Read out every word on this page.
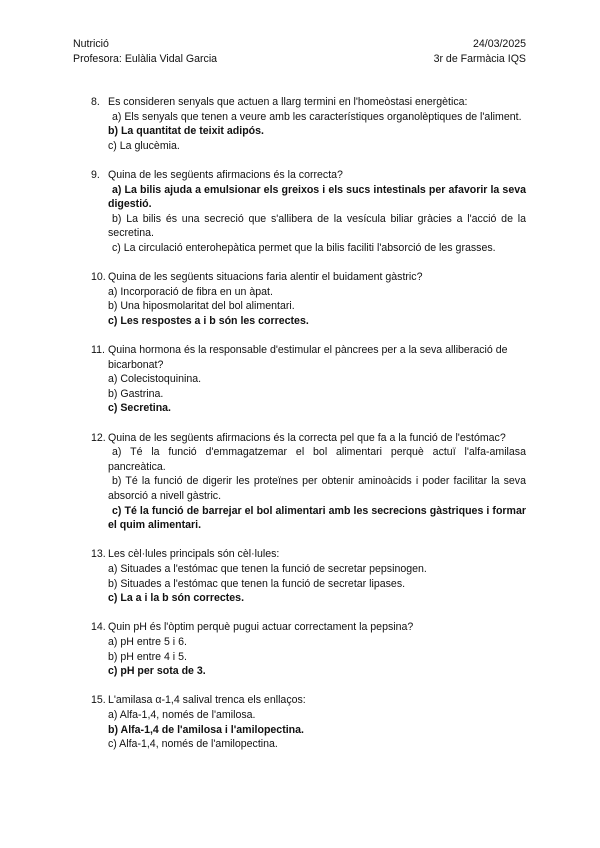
Nutrició	24/03/2025
Profesora: Eulàlia Vidal Garcia	3r de Farmàcia IQS
8. Es consideren senyals que actuen a llarg termini en l'homeòstasi energètica:
a) Els senyals que tenen a veure amb les característiques organolèptiques de l'aliment.
b) La quantitat de teixit adipós.
c) La glucèmia.
9. Quina de les següents afirmacions és la correcta?
a) La bilis ajuda a emulsionar els greixos i els sucs intestinals per afavorir la seva digestió.
b) La bilis és una secreció que s'allibera de la vesícula biliar gràcies a l'acció de la secretina.
c) La circulació enterohepàtica permet que la bilis faciliti l'absorció de les grasses.
10. Quina de les següents situacions faria alentir el buidament gàstric?
a) Incorporació de fibra en un àpat.
b) Una hiposmolaritat del bol alimentari.
c) Les respostes a i b són les correctes.
11. Quina hormona és la responsable d'estimular el pàncrees per a la seva alliberació de bicarbonat?
a) Colecistoquinina.
b) Gastrina.
c) Secretina.
12. Quina de les següents afirmacions és la correcta pel que fa a la funció de l'estómac?
a) Té la funció d'emmagatzemar el bol alimentari perquè actuï l'alfa-amilasa pancreàtica.
b) Té la funció de digerir les proteïnes per obtenir aminoàcids i poder facilitar la seva absorció a nivell gàstric.
c) Té la funció de barrejar el bol alimentari amb les secrecions gàstriques i formar el quim alimentari.
13. Les cèl·lules principals són cèl·lules:
a) Situades a l'estómac que tenen la funció de secretar pepsinogen.
b) Situades a l'estómac que tenen la funció de secretar lipases.
c) La a i la b són correctes.
14. Quin pH és l'òptim perquè pugui actuar correctament la pepsina?
a) pH entre 5 i 6.
b) pH entre 4 i 5.
c) pH per sota de 3.
15. L'amilasa α-1,4 salival trenca els enllaços:
a) Alfa-1,4, només de l'amilosa.
b) Alfa-1,4 de l'amilosa i l'amilopectina.
c) Alfa-1,4, només de l'amilopectina.
